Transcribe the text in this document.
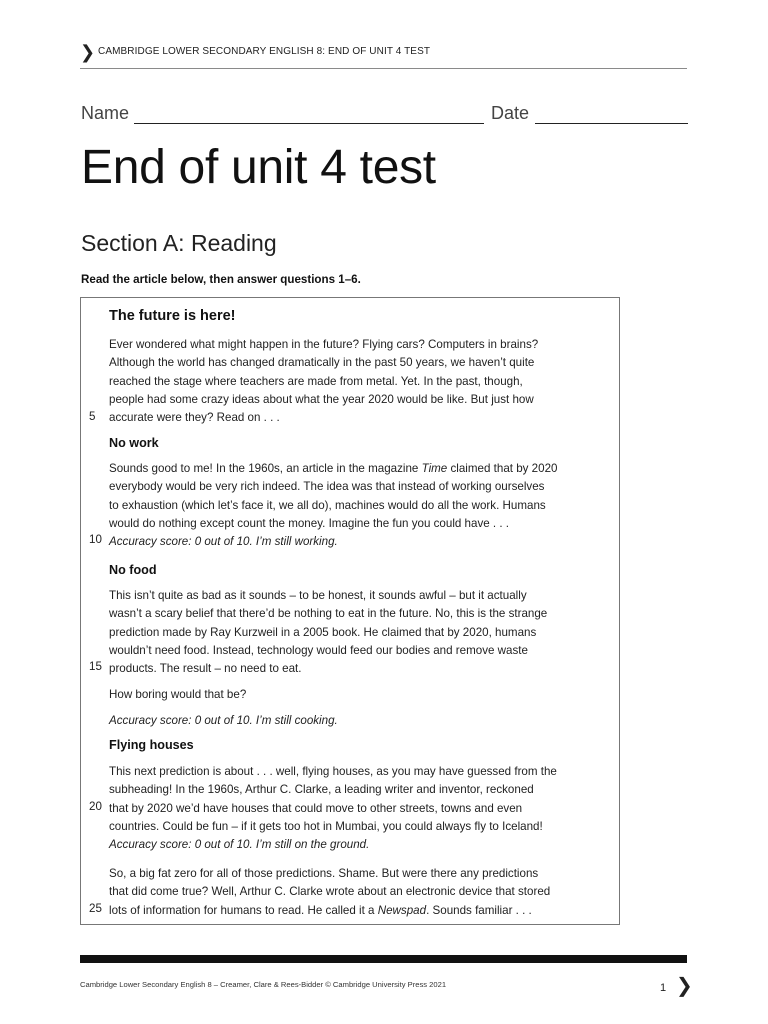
❯ CAMBRIDGE LOWER SECONDARY ENGLISH 8: END OF UNIT 4 TEST
Name	Date
End of unit 4 test
Section A: Reading
Read the article below, then answer questions 1–6.
The future is here!
Ever wondered what might happen in the future? Flying cars? Computers in brains?
Although the world has changed dramatically in the past 50 years, we haven’t quite
reached the stage where teachers are made from metal. Yet. In the past, though,
people had some crazy ideas about what the year 2020 would be like. But just how
accurate were they? Read on . . .
5
No work
Sounds good to me! In the 1960s, an article in the magazine Time claimed that by 2020
everybody would be very rich indeed. The idea was that instead of working ourselves
to exhaustion (which let’s face it, we all do), machines would do all the work. Humans
would do nothing except count the money. Imagine the fun you could have . . .
Accuracy score: 0 out of 10. I’m still working.
10
No food
This isn’t quite as bad as it sounds – to be honest, it sounds awful – but it actually
wasn’t a scary belief that there’d be nothing to eat in the future. No, this is the strange
prediction made by Ray Kurzweil in a 2005 book. He claimed that by 2020, humans
wouldn’t need food. Instead, technology would feed our bodies and remove waste
products. The result – no need to eat.
15
How boring would that be?
Accuracy score: 0 out of 10. I’m still cooking.
Flying houses
This next prediction is about . . . well, flying houses, as you may have guessed from the
subheading! In the 1960s, Arthur C. Clarke, a leading writer and inventor, reckoned
that by 2020 we’d have houses that could move to other streets, towns and even
countries. Could be fun – if it gets too hot in Mumbai, you could always fly to Iceland!
Accuracy score: 0 out of 10. I’m still on the ground.
20
So, a big fat zero for all of those predictions. Shame. But were there any predictions
that did come true? Well, Arthur C. Clarke wrote about an electronic device that stored
lots of information for humans to read. He called it a Newspad. Sounds familiar . . .
25
Cambridge Lower Secondary English 8 – Creamer, Clare & Rees-Bidder © Cambridge University Press 2021	1 ❯
